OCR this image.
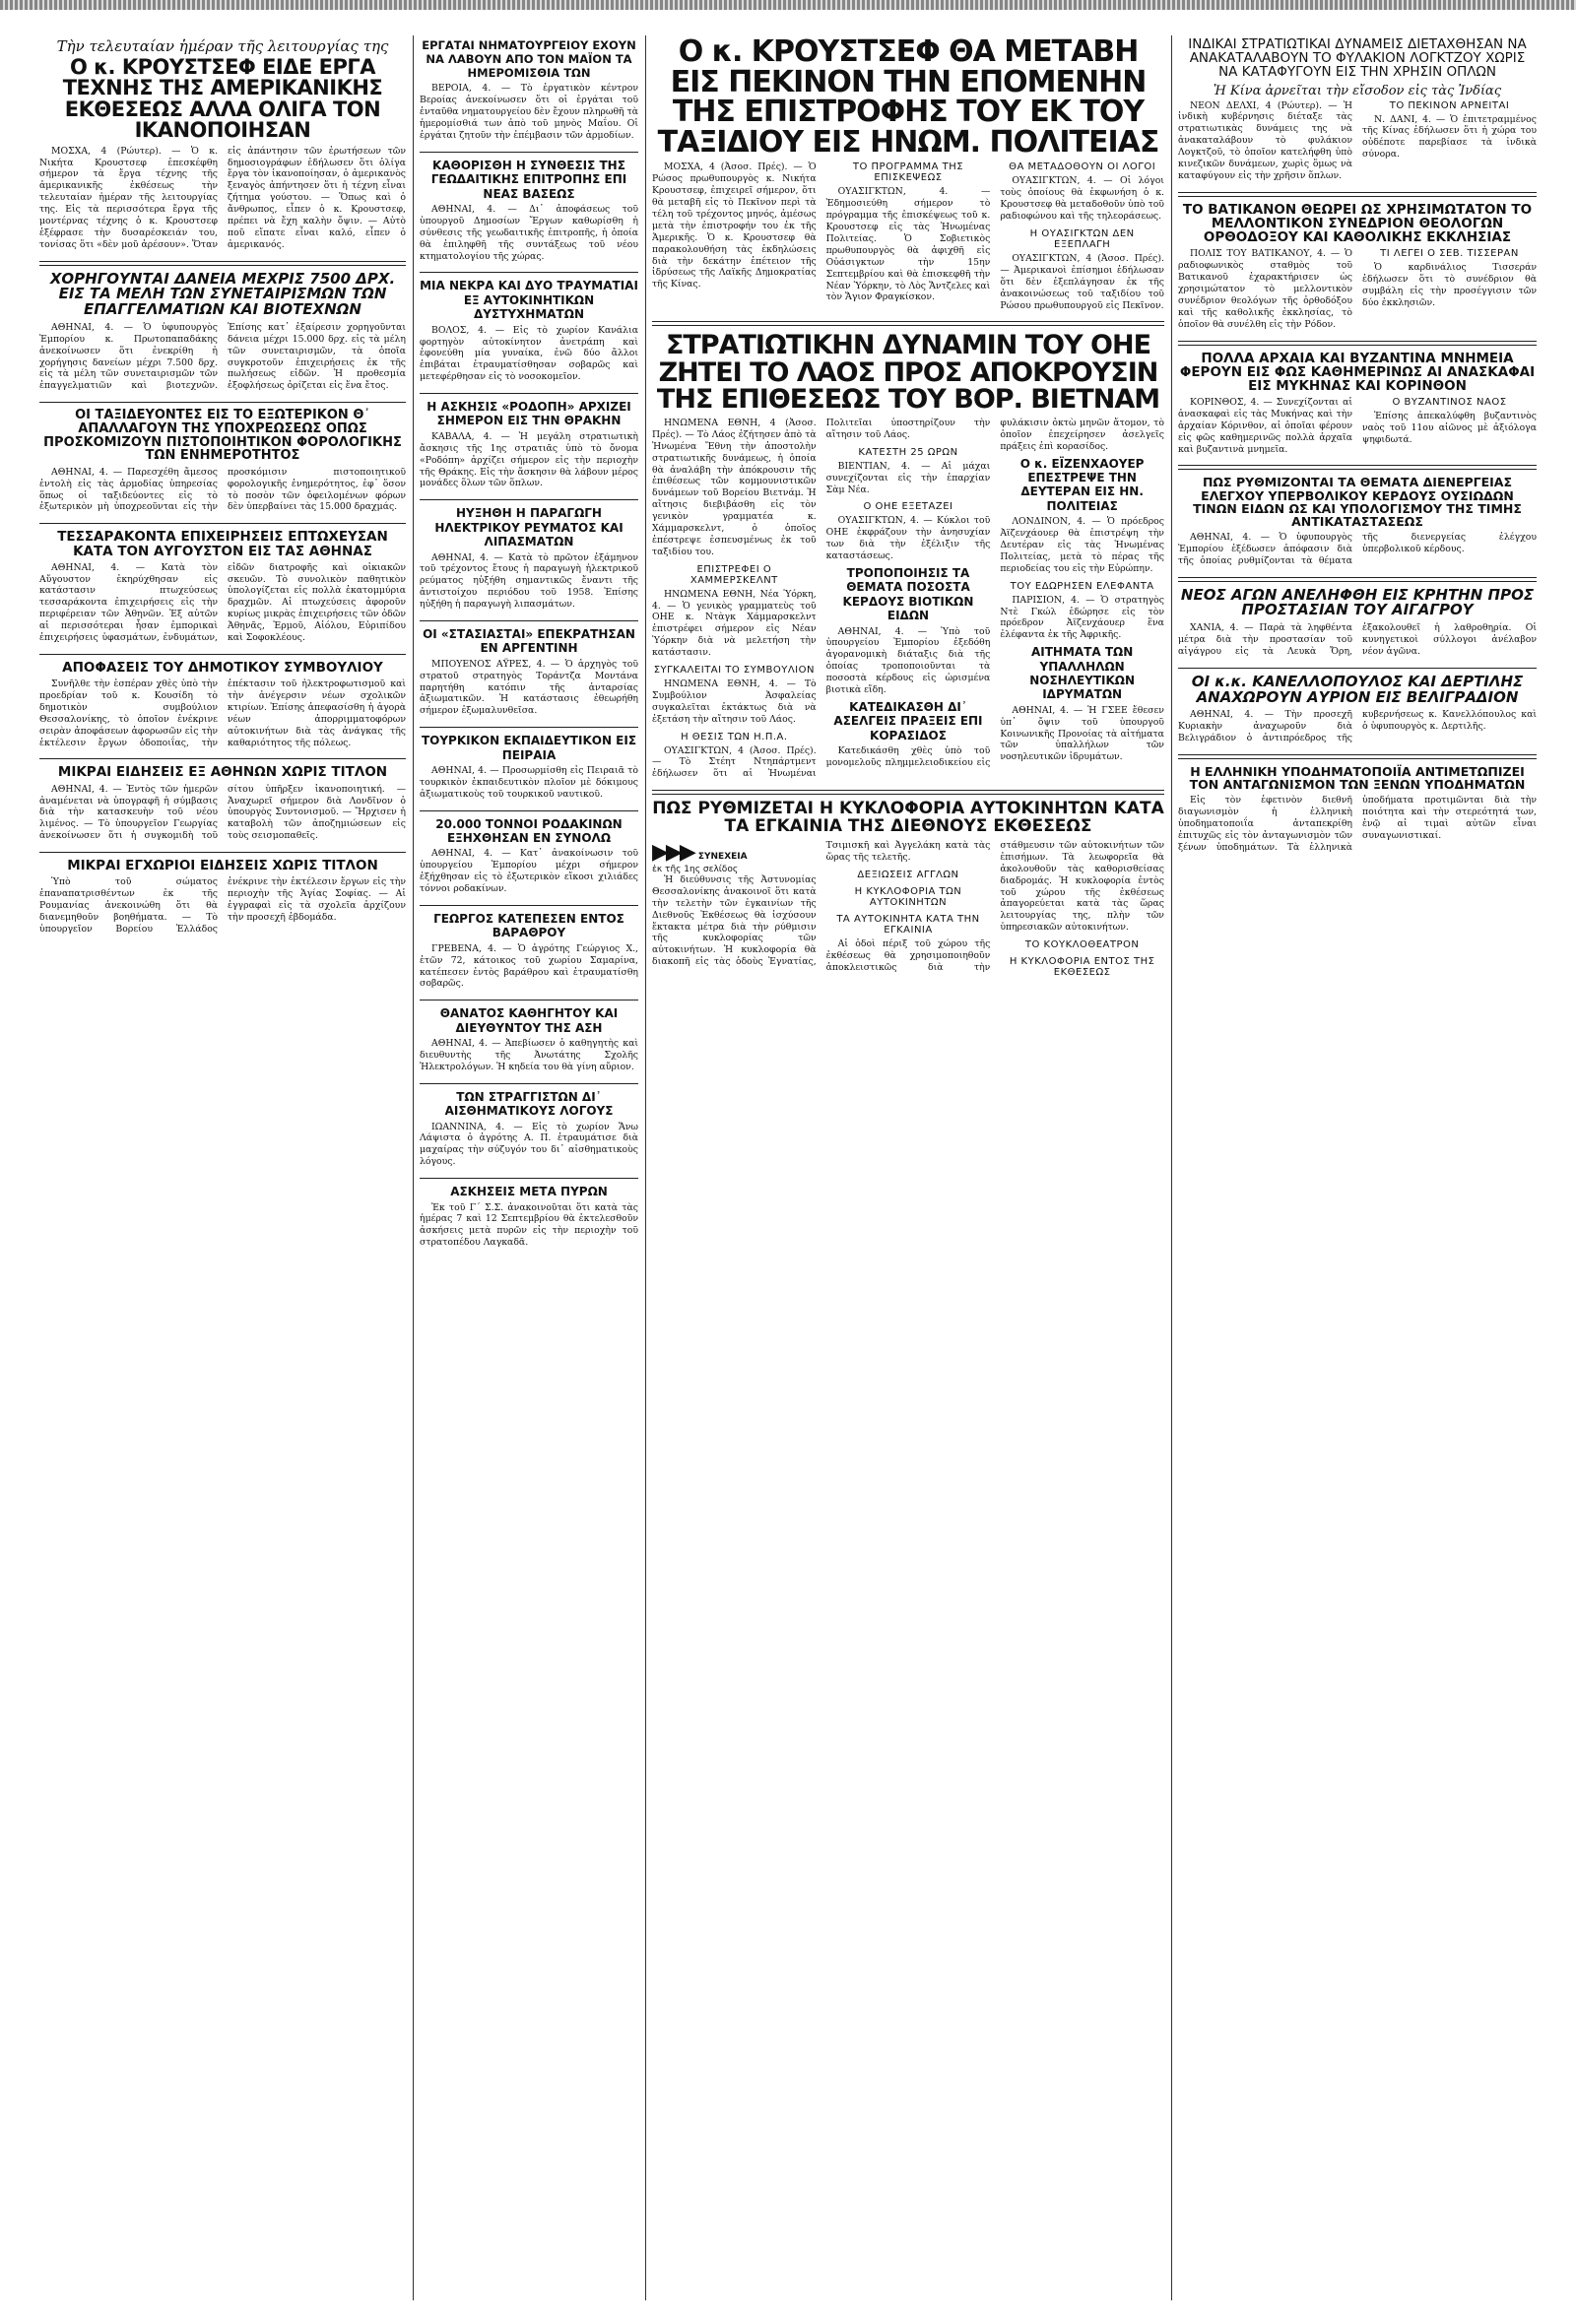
Τὴν τελευταίαν ἡμέραν τῆς λειτουργίας της
Ο κ. ΚΡΟΥΣΤΣΕΦ ΕΙΔΕ ΕΡΓΑ ΤΕΧΝΗΣ ΤΗΣ ΑΜΕΡΙΚΑΝΙΚΗΣ ΕΚΘΕΣΕΩΣ ΑΛΛΑ ΟΛΙΓΑ ΤΟΝ ΙΚΑΝΟΠΟΙΗΣΑΝ

ΜΟΣΧΑ, 4 (Ρώυτερ). — Ὁ κ. Νικήτα Κρουστσεφ ἐπεσκέφθη σήμερον τὰ ἔργα τέχνης τῆς ἀμερικανικῆς ἐκθέσεως τὴν τελευταίαν ἡμέραν τῆς λειτουργίας της. Εἰς τὰ περισσότερα ἔργα τῆς μοντέρνας τέχνης ὁ κ. Κρουστσεφ ἐξέφρασε τὴν δυσαρέσκειάν του, τονίσας ὅτι «δὲν μοῦ ἀρέσουν». Ὅταν εἰς ἀπάντησιν τῶν ἐρωτήσεων τῶν δημοσιογράφων ἐδήλωσεν ὅτι ὀλίγα ἔργα τὸν ἱκανοποίησαν, ὁ ἀμερικανὸς ξεναγὸς ἀπήντησεν ὅτι ἡ τέχνη εἶναι ζήτημα γούστου. — Ὅπως καὶ ὁ ἄνθρωπος, εἶπεν ὁ κ. Κρουστσεφ, πρέπει νὰ ἔχη καλὴν ὄψιν. — Αὐτὸ ποῦ εἴπατε εἶναι καλό, εἶπεν ὁ ἀμερικανός.

ΧΟΡΗΓΟΥΝΤΑΙ ΔΑΝΕΙΑ ΜΕΧΡΙΣ 7500 ΔΡΧ. ΕΙΣ ΤΑ ΜΕΛΗ ΤΩΝ ΣΥΝΕΤΑΙΡΙΣΜΩΝ ΤΩΝ ΕΠΑΓΓΕΛΜΑΤΙΩΝ ΚΑΙ ΒΙΟΤΕΧΝΩΝ

ΑΘΗΝΑΙ, 4. — Ὁ ὑφυπουργὸς Ἐμπορίου κ. Πρωτοπαπαδάκης ἀνεκοίνωσεν ὅτι ἐνεκρίθη ἡ χορήγησις δανείων μέχρι 7.500 δρχ. εἰς τὰ μέλη τῶν συνεταιρισμῶν τῶν ἐπαγγελματιῶν καὶ βιοτεχνῶν. Ἐπίσης κατ᾽ ἐξαίρεσιν χορηγοῦνται δάνεια μέχρι 15.000 δρχ. εἰς τὰ μέλη τῶν συνεταιρισμῶν, τὰ ὁποῖα συγκροτοῦν ἐπιχειρήσεις ἐκ τῆς πωλήσεως εἰδῶν. Ἡ προθεσμία ἐξοφλήσεως ὁρίζεται εἰς ἕνα ἔτος.

ΟΙ ΤΑΞΙΔΕΥΟΝΤΕΣ ΕΙΣ ΤΟ ΕΞΩΤΕΡΙΚΟΝ Θ᾽ ΑΠΑΛΛΑΓΟΥΝ ΤΗΣ ΥΠΟΧΡΕΩΣΕΩΣ ΟΠΩΣ ΠΡΟΣΚΟΜΙΖΟΥΝ ΠΙΣΤΟΠΟΙΗΤΙΚΟΝ ΦΟΡΟΛΟΓΙΚΗΣ ΤΩΝ ΕΝΗΜΕΡΟΤΗΤΟΣ

ΑΘΗΝΑΙ, 4. — Παρεσχέθη ἄμεσος ἐντολὴ εἰς τὰς ἁρμοδίας ὑπηρεσίας ὅπως οἱ ταξιδεύοντες εἰς τὸ ἐξωτερικὸν μὴ ὑποχρεοῦνται εἰς τὴν προσκόμισιν πιστοποιητικοῦ φορολογικῆς ἐνημερότητος, ἐφ᾽ ὅσον τὸ ποσὸν τῶν ὀφειλομένων φόρων δὲν ὑπερβαίνει τὰς 15.000 δραχμάς.

ΤΕΣΣΑΡΑΚΟΝΤΑ ΕΠΙΧΕΙΡΗΣΕΙΣ ΕΠΤΩΧΕΥΣΑΝ ΚΑΤΑ ΤΟΝ ΑΥΓΟΥΣΤΟΝ ΕΙΣ ΤΑΣ ΑΘΗΝΑΣ

ΑΘΗΝΑΙ, 4. — Κατὰ τὸν Αὔγουστον ἐκηρύχθησαν εἰς κατάστασιν πτωχεύσεως τεσσαράκοντα ἐπιχειρήσεις εἰς τὴν περιφέρειαν τῶν Ἀθηνῶν. Ἐξ αὐτῶν αἱ περισσότεραι ἦσαν ἐμπορικαὶ ἐπιχειρήσεις ὑφασμάτων, ἐνδυμάτων, εἰδῶν διατροφῆς καὶ οἰκιακῶν σκευῶν. Τὸ συνολικὸν παθητικὸν ὑπολογίζεται εἰς πολλὰ ἑκατομμύρια δραχμῶν. Αἱ πτωχεύσεις ἀφοροῦν κυρίως μικρὰς ἐπιχειρήσεις τῶν ὁδῶν Ἀθηνᾶς, Ἑρμοῦ, Αἰόλου, Εὐριπίδου καὶ Σοφοκλέους.

ΑΠΟΦΑΣΕΙΣ ΤΟΥ ΔΗΜΟΤΙΚΟΥ ΣΥΜΒΟΥΛΙΟΥ

Συνῆλθε τὴν ἑσπέραν χθὲς ὑπὸ τὴν προεδρίαν τοῦ κ. Κουσίδη τὸ δημοτικὸν συμβούλιον Θεσσαλονίκης, τὸ ὁποῖον ἐνέκρινε σειρὰν ἀποφάσεων ἀφορωσῶν εἰς τὴν ἐκτέλεσιν ἔργων ὁδοποιΐας, τὴν ἐπέκτασιν τοῦ ἠλεκτροφωτισμοῦ καὶ τὴν ἀνέγερσιν νέων σχολικῶν κτιρίων. Ἐπίσης ἀπεφασίσθη ἡ ἀγορὰ νέων ἀπορριμματοφόρων αὐτοκινήτων διὰ τὰς ἀνάγκας τῆς καθαριότητος τῆς πόλεως.

ΜΙΚΡΑΙ ΕΙΔΗΣΕΙΣ ΕΞ ΑΘΗΝΩΝ ΧΩΡΙΣ ΤΙΤΛΟΝ

ΑΘΗΝΑΙ, 4. — Ἐντὸς τῶν ἡμερῶν ἀναμένεται νὰ ὑπογραφῆ ἡ σύμβασις διὰ τὴν κατασκευὴν τοῦ νέου λιμένος. — Τὸ ὑπουργεῖον Γεωργίας ἀνεκοίνωσεν ὅτι ἡ συγκομιδὴ τοῦ σίτου ὑπῆρξεν ἱκανοποιητική. — Ἀναχωρεῖ σήμερον διὰ Λονδῖνον ὁ ὑπουργὸς Συντονισμοῦ. — Ἤρχισεν ἡ καταβολὴ τῶν ἀποζημιώσεων εἰς τοὺς σεισμοπαθεῖς.

ΜΙΚΡΑΙ ΕΓΧΩΡΙΟΙ ΕΙΔΗΣΕΙΣ ΧΩΡΙΣ ΤΙΤΛΟΝ

Ὑπὸ τοῦ σώματος ἐπαναπατρισθέντων ἐκ τῆς Ρουμανίας ἀνεκοινώθη ὅτι θὰ διανεμηθοῦν βοηθήματα. — Τὸ ὑπουργεῖον Βορείου Ἑλλάδος ἐνέκρινε τὴν ἐκτέλεσιν ἔργων εἰς τὴν περιοχὴν τῆς Ἁγίας Σοφίας. — Αἱ ἐγγραφαὶ εἰς τὰ σχολεῖα ἀρχίζουν τὴν προσεχῆ ἑβδομάδα.

ΕΡΓΑΤΑΙ ΝΗΜΑΤΟΥΡΓΕΙΟΥ ΕΧΟΥΝ ΝΑ ΛΑΒΟΥΝ ΑΠΟ ΤΟΝ ΜΑΪΟΝ ΤΑ ΗΜΕΡΟΜΙΣΘΙΑ ΤΩΝ

ΒΕΡΟΙΑ, 4. — Τὸ ἐργατικὸν κέντρον Βεροίας ἀνεκοίνωσεν ὅτι οἱ ἐργάται τοῦ ἐνταῦθα νηματουργείου δὲν ἔχουν πληρωθῆ τὰ ἡμερομίσθιά των ἀπὸ τοῦ μηνὸς Μαΐου. Οἱ ἐργάται ζητοῦν τὴν ἐπέμβασιν τῶν ἁρμοδίων.

ΚΑΘΟΡΙΣΘΗ Η ΣΥΝΘΕΣΙΣ ΤΗΣ ΓΕΩΔΑΙΤΙΚΗΣ ΕΠΙΤΡΟΠΗΣ ΕΠΙ ΝΕΑΣ ΒΑΣΕΩΣ

ΑΘΗΝΑΙ, 4. — Δι᾽ ἀποφάσεως τοῦ ὑπουργοῦ Δημοσίων Ἔργων καθωρίσθη ἡ σύνθεσις τῆς γεωδαιτικῆς ἐπιτροπῆς, ἡ ὁποία θὰ ἐπιληφθῆ τῆς συντάξεως τοῦ νέου κτηματολογίου τῆς χώρας.

ΜΙΑ ΝΕΚΡΑ ΚΑΙ ΔΥΟ ΤΡΑΥΜΑΤΙΑΙ ΕΞ ΑΥΤΟΚΙΝΗΤΙΚΩΝ ΔΥΣΤΥΧΗΜΑΤΩΝ

ΒΟΛΟΣ, 4. — Εἰς τὸ χωρίον Κανάλια φορτηγὸν αὐτοκίνητον ἀνετράπη καὶ ἐφονεύθη μία γυναίκα, ἐνῶ δύο ἄλλοι ἐπιβάται ἐτραυματίσθησαν σοβαρῶς καὶ μετεφέρθησαν εἰς τὸ νοσοκομεῖον.

Η ΑΣΚΗΣΙΣ «ΡΟΔΟΠΗ» ΑΡΧΙΖΕΙ ΣΗΜΕΡΟΝ ΕΙΣ ΤΗΝ ΘΡΑΚΗΝ

ΚΑΒΑΛΑ, 4. — Ἡ μεγάλη στρατιωτικὴ ἄσκησις τῆς 1ης στρατιᾶς ὑπὸ τὸ ὄνομα «Ροδόπη» ἀρχίζει σήμερον εἰς τὴν περιοχὴν τῆς Θράκης. Εἰς τὴν ἄσκησιν θὰ λάβουν μέρος μονάδες ὅλων τῶν ὅπλων.

ΗΥΞΗΘΗ Η ΠΑΡΑΓΩΓΗ ΗΛΕΚΤΡΙΚΟΥ ΡΕΥΜΑΤΟΣ ΚΑΙ ΛΙΠΑΣΜΑΤΩΝ

ΑΘΗΝΑΙ, 4. — Κατὰ τὸ πρῶτον ἑξάμηνον τοῦ τρέχοντος ἔτους ἡ παραγωγὴ ἠλεκτρικοῦ ρεύματος ηὐξήθη σημαντικῶς ἔναντι τῆς ἀντιστοίχου περιόδου τοῦ 1958. Ἐπίσης ηὐξήθη ἡ παραγωγὴ λιπασμάτων.

ΟΙ «ΣΤΑΣΙΑΣΤΑΙ» ΕΠΕΚΡΑΤΗΣΑΝ ΕΝ ΑΡΓΕΝΤΙΝΗ

ΜΠΟΥΕΝΟΣ ΑΫΡΕΣ, 4. — Ὁ ἀρχηγὸς τοῦ στρατοῦ στρατηγὸς Τοράντζα Μοντάνα παρητήθη κατόπιν τῆς ἀνταρσίας ἀξιωματικῶν. Ἡ κατάστασις ἐθεωρήθη σήμερον ἐξωμαλυνθεῖσα.

ΤΟΥΡΚΙΚΟΝ ΕΚΠΑΙΔΕΥΤΙΚΟΝ ΕΙΣ ΠΕΙΡΑΙΑ

ΑΘΗΝΑΙ, 4. — Προσωρμίσθη εἰς Πειραιᾶ τὸ τουρκικὸν ἐκπαιδευτικὸν πλοῖον μὲ δόκιμους ἀξιωματικοὺς τοῦ τουρκικοῦ ναυτικοῦ.

20.000 ΤΟΝΝΟΙ ΡΟΔΑΚΙΝΩΝ ΕΞΗΧΘΗΣΑΝ ΕΝ ΣΥΝΟΛΩ

ΑΘΗΝΑΙ, 4. — Κατ᾽ ἀνακοίνωσιν τοῦ ὑπουργείου Ἐμπορίου μέχρι σήμερον ἐξήχθησαν εἰς τὸ ἐξωτερικὸν εἴκοσι χιλιάδες τόννοι ροδακίνων.

ΓΕΩΡΓΟΣ ΚΑΤΕΠΕΣΕΝ ΕΝΤΟΣ ΒΑΡΑΘΡΟΥ

ΓΡΕΒΕΝΑ, 4. — Ὁ ἀγρότης Γεώργιος Χ., ἐτῶν 72, κάτοικος τοῦ χωρίου Σαμαρίνα, κατέπεσεν ἐντὸς βαράθρου καὶ ἐτραυματίσθη σοβαρῶς.

ΘΑΝΑΤΟΣ ΚΑΘΗΓΗΤΟΥ ΚΑΙ ΔΙΕΥΘΥΝΤΟΥ ΤΗΣ ΑΣΗ

ΑΘΗΝΑΙ, 4. — Ἀπεβίωσεν ὁ καθηγητὴς καὶ διευθυντὴς τῆς Ἀνωτάτης Σχολῆς Ἡλεκτρολόγων. Ἡ κηδεία του θὰ γίνη αὔριον.

ΤΩΝ ΣΤΡΑΓΓΙΣΤΩΝ ΔΙ᾽ ΑΙΣΘΗΜΑΤΙΚΟΥΣ ΛΟΓΟΥΣ

ΙΩΑΝΝΙΝΑ, 4. — Εἰς τὸ χωρίον Ἄνω Λάψιστα ὁ ἀγρότης Α. Π. ἐτραυμάτισε διὰ μαχαίρας τὴν σύζυγόν του δι᾽ αἰσθηματικοὺς λόγους.

ΑΣΚΗΣΕΙΣ ΜΕΤΑ ΠΥΡΩΝ

Ἐκ τοῦ Γ΄ Σ.Σ. ἀνακοινοῦται ὅτι κατὰ τὰς ἡμέρας 7 καὶ 12 Σεπτεμβρίου θὰ ἐκτελεσθοῦν ἀσκήσεις μετὰ πυρῶν εἰς τὴν περιοχὴν τοῦ στρατοπέδου Λαγκαδᾶ.

Ο κ. ΚΡΟΥΣΤΣΕΦ ΘΑ ΜΕΤΑΒΗ ΕΙΣ ΠΕΚΙΝΟΝ ΤΗΝ ΕΠΟΜΕΝΗΝ ΤΗΣ ΕΠΙΣΤΡΟΦΗΣ ΤΟΥ ΕΚ ΤΟΥ ΤΑΞΙΔΙΟΥ ΕΙΣ ΗΝΩΜ. ΠΟΛΙΤΕΙΑΣ

ΜΟΣΧΑ, 4 (Ἀσοσ. Πρές). — Ὁ Ρώσος πρωθυπουργὸς κ. Νικήτα Κρουστσεφ, ἐπιχειρεῖ σήμερον, ὅτι θὰ μεταβῆ εἰς τὸ Πεκῖνον περὶ τὰ τέλη τοῦ τρέχοντος μηνός, ἀμέσως μετὰ τὴν ἐπιστροφήν του ἐκ τῆς Ἀμερικῆς. Ὁ κ. Κρουστσεφ θὰ παρακολουθήση τὰς ἐκδηλώσεις διὰ τὴν δεκάτην ἐπέτειον τῆς ἱδρύσεως τῆς Λαϊκῆς Δημοκρατίας τῆς Κίνας.

ΤΟ ΠΡΟΓΡΑΜΜΑ ΤΗΣ ΕΠΙΣΚΕΨΕΩΣ

ΟΥΑΣΙΓΚΤΩΝ, 4. — Ἐδημοσιεύθη σήμερον τὸ πρόγραμμα τῆς ἐπισκέψεως τοῦ κ. Κρουστσεφ εἰς τὰς Ἡνωμένας Πολιτείας. Ὁ Σοβιετικὸς πρωθυπουργὸς θὰ ἀφιχθῆ εἰς Οὐάσιγκτων τὴν 15ην Σεπτεμβρίου καὶ θὰ ἐπισκεφθῆ τὴν Νέαν Ὑόρκην, τὸ Λὸς Ἄντζελες καὶ τὸν Ἄγιον Φραγκίσκον.

ΘΑ ΜΕΤΑΔΟΘΟΥΝ ΟΙ ΛΟΓΟΙ

ΟΥΑΣΙΓΚΤΩΝ, 4. — Οἱ λόγοι τοὺς ὁποίους θὰ ἐκφωνήση ὁ κ. Κρουστσεφ θὰ μεταδοθοῦν ὑπὸ τοῦ ραδιοφώνου καὶ τῆς τηλεοράσεως.

Η ΟΥΑΣΙΓΚΤΩΝ ΔΕΝ ΕΞΕΠΛΑΓΗ

ΟΥΑΣΙΓΚΤΩΝ, 4 (Ἀσοσ. Πρές). — Ἀμερικανοὶ ἐπίσημοι ἐδήλωσαν ὅτι δὲν ἐξεπλάγησαν ἐκ τῆς ἀνακοινώσεως τοῦ ταξιδίου τοῦ Ρώσου πρωθυπουργοῦ εἰς Πεκῖνον.

ΣΤΡΑΤΙΩΤΙΚΗΝ ΔΥΝΑΜΙΝ ΤΟΥ ΟΗΕ ΖΗΤΕΙ ΤΟ ΛΑΟΣ ΠΡΟΣ ΑΠΟΚΡΟΥΣΙΝ ΤΗΣ ΕΠΙΘΕΣΕΩΣ ΤΟΥ ΒΟΡ. ΒΙΕΤΝΑΜ

ΗΝΩΜΕΝΑ ΕΘΝΗ, 4 (Ἀσοσ. Πρές). — Τὸ Λάος ἐζήτησεν ἀπὸ τὰ Ἡνωμένα Ἔθνη τὴν ἀποστολὴν στρατιωτικῆς δυνάμεως, ἡ ὁποία θὰ ἀναλάβη τὴν ἀπόκρουσιν τῆς ἐπιθέσεως τῶν κομμουνιστικῶν δυνάμεων τοῦ Βορείου Βιετνάμ. Ἡ αἴτησις διεβιβάσθη εἰς τὸν γενικὸν γραμματέα κ. Χάμμαρσκελντ, ὁ ὁποῖος ἐπέστρεψε ἐσπευσμένως ἐκ τοῦ ταξιδίου του.

ΕΠΙΣΤΡΕΦΕΙ Ο ΧΑΜΜΕΡΣΚΕΛΝΤ

ΗΝΩΜΕΝΑ ΕΘΝΗ, Νέα Ὑόρκη, 4. — Ὁ γενικὸς γραμματεὺς τοῦ ΟΗΕ κ. Ντὰγκ Χάμμαρσκελντ ἐπιστρέφει σήμερον εἰς Νέαν Ὑόρκην διὰ νὰ μελετήση τὴν κατάστασιν.

ΣΥΓΚΑΛΕΙΤΑΙ ΤΟ ΣΥΜΒΟΥΛΙΟΝ

ΗΝΩΜΕΝΑ ΕΘΝΗ, 4. — Τὸ Συμβούλιον Ἀσφαλείας συγκαλεῖται ἐκτάκτως διὰ νὰ ἐξετάση τὴν αἴτησιν τοῦ Λάος.

Η ΘΕΣΙΣ ΤΩΝ Η.Π.Α.

ΟΥΑΣΙΓΚΤΩΝ, 4 (Ἀσοσ. Πρές). — Τὸ Στέητ Ντηπάρτμεντ ἐδήλωσεν ὅτι αἱ Ἡνωμέναι Πολιτεῖαι ὑποστηρίζουν τὴν αἴτησιν τοῦ Λάος.

ΚΑΤΕΣΤΗ 25 ΩΡΩΝ

ΒΙΕΝΤΙΑΝ, 4. — Αἱ μάχαι συνεχίζονται εἰς τὴν ἐπαρχίαν Σὰμ Νέα.

Ο ΟΗΕ ΕΞΕΤΑΖΕΙ

ΟΥΑΣΙΓΚΤΩΝ, 4. — Κύκλοι τοῦ ΟΗΕ ἐκφράζουν τὴν ἀνησυχίαν των διὰ τὴν ἐξέλιξιν τῆς καταστάσεως.

ΤΡΟΠΟΠΟΙΗΣΙΣ ΤΑ ΘΕΜΑΤΑ ΠΟΣΟΣΤΑ ΚΕΡΔΟΥΣ ΒΙΟΤΙΚΩΝ ΕΙΔΩΝ

ΑΘΗΝΑΙ, 4. — Ὑπὸ τοῦ ὑπουργείου Ἐμπορίου ἐξεδόθη ἀγορανομικὴ διάταξις διὰ τῆς ὁποίας τροποποιοῦνται τὰ ποσοστὰ κέρδους εἰς ὡρισμένα βιοτικὰ εἴδη.

ΚΑΤΕΔΙΚΑΣΘΗ ΔΙ᾽ ΑΣΕΛΓΕΙΣ ΠΡΑΞΕΙΣ ΕΠΙ ΚΟΡΑΣΙΔΟΣ

Κατεδικάσθη χθὲς ὑπὸ τοῦ μονομελοῦς πλημμελειοδικείου εἰς φυλάκισιν ὀκτὼ μηνῶν ἄτομον, τὸ ὁποῖον ἐπεχείρησεν ἀσελγεῖς πράξεις ἐπὶ κορασίδος.

Ο κ. ΕΪΖΕΝΧΑΟΥΕΡ ΕΠΕΣΤΡΕΨΕ ΤΗΝ ΔΕΥΤΕΡΑΝ ΕΙΣ ΗΝ. ΠΟΛΙΤΕΙΑΣ

ΛΟΝΔΙΝΟΝ, 4. — Ὁ πρόεδρος Ἀϊζενχάουερ θὰ ἐπιστρέψη τὴν Δευτέραν εἰς τὰς Ἡνωμένας Πολιτείας, μετὰ τὸ πέρας τῆς περιοδείας του εἰς τὴν Εὐρώπην.

ΤΟΥ ΕΔΩΡΗΣΕΝ ΕΛΕΦΑΝΤΑ

ΠΑΡΙΣΙΟΝ, 4. — Ὁ στρατηγὸς Ντὲ Γκώλ ἐδώρησε εἰς τὸν πρόεδρον Ἀϊζενχάουερ ἕνα ἐλέφαντα ἐκ τῆς Ἀφρικῆς.

ΑΙΤΗΜΑΤΑ ΤΩΝ ΥΠΑΛΛΗΛΩΝ ΝΟΣΗΛΕΥΤΙΚΩΝ ΙΔΡΥΜΑΤΩΝ

ΑΘΗΝΑΙ, 4. — Ἡ ΓΣΕΕ ἔθεσεν ὑπ᾽ ὄψιν τοῦ ὑπουργοῦ Κοινωνικῆς Προνοίας τὰ αἰτήματα τῶν ὑπαλλήλων τῶν νοσηλευτικῶν ἱδρυμάτων.

ΠΩΣ ΡΥΘΜΙΖΕΤΑΙ Η ΚΥΚΛΟΦΟΡΙΑ ΑΥΤΟΚΙΝΗΤΩΝ ΚΑΤΑ ΤΑ ΕΓΚΑΙΝΙΑ ΤΗΣ ΔΙΕΘΝΟΥΣ ΕΚΘΕΣΕΩΣ
▶▶▶ ΣΥΝΕΧΕΙΑ
ἐκ τῆς 1ης σελίδος

Ἡ διεύθυνσις τῆς Ἀστυνομίας Θεσσαλονίκης ἀνακοινοῖ ὅτι κατὰ τὴν τελετὴν τῶν ἐγκαινίων τῆς Διεθνοῦς Ἐκθέσεως θὰ ἰσχύσουν ἔκτακτα μέτρα διὰ τὴν ρύθμισιν τῆς κυκλοφορίας τῶν αὐτοκινήτων. Ἡ κυκλοφορία θὰ διακοπῆ εἰς τὰς ὁδοὺς Ἐγνατίας, Τσιμισκῆ καὶ Ἀγγελάκη κατὰ τὰς ὥρας τῆς τελετῆς.

ΔΕΞΙΩΣΕΙΣ ΑΓΓΛΩΝ
Η ΚΥΚΛΟΦΟΡΙΑ ΤΩΝ ΑΥΤΟΚΙΝΗΤΩΝ
ΤΑ ΑΥΤΟΚΙΝΗΤΑ ΚΑΤΑ ΤΗΝ ΕΓΚΑΙΝΙΑ

Αἱ ὁδοὶ πέριξ τοῦ χώρου τῆς ἐκθέσεως θὰ χρησιμοποιηθοῦν ἀποκλειστικῶς διὰ τὴν στάθμευσιν τῶν αὐτοκινήτων τῶν ἐπισήμων. Τὰ λεωφορεῖα θὰ ἀκολουθοῦν τὰς καθορισθείσας διαδρομάς. Ἡ κυκλοφορία ἐντὸς τοῦ χώρου τῆς ἐκθέσεως ἀπαγορεύεται κατὰ τὰς ὥρας λειτουργίας της, πλὴν τῶν ὑπηρεσιακῶν αὐτοκινήτων.

ΤΟ ΚΟΥΚΛΟΘΕΑΤΡΟΝ
Η ΚΥΚΛΟΦΟΡΙΑ ΕΝΤΟΣ ΤΗΣ ΕΚΘΕΣΕΩΣ
ΙΝΔΙΚΑΙ ΣΤΡΑΤΙΩΤΙΚΑΙ ΔΥΝΑΜΕΙΣ ΔΙΕΤΑΧΘΗΣΑΝ ΝΑ ΑΝΑΚΑΤΑΛΑΒΟΥΝ ΤΟ ΦΥΛΑΚΙΟΝ ΛΟΓΚΤΖΟΥ ΧΩΡΙΣ ΝΑ ΚΑΤΑΦΥΓΟΥΝ ΕΙΣ ΤΗΝ ΧΡΗΣΙΝ ΟΠΛΩΝ
Ἡ Κίνα ἀρνεῖται τὴν εἴσοδον εἰς τὰς Ἰνδίας

ΝΕΟΝ ΔΕΛΧΙ, 4 (Ρώυτερ). — Ἡ ἰνδικὴ κυβέρνησις διέταξε τὰς στρατιωτικὰς δυνάμεις της νὰ ἀνακαταλάβουν τὸ φυλάκιον Λογκτζοῦ, τὸ ὁποῖον κατελήφθη ὑπὸ κινεζικῶν δυνάμεων, χωρὶς ὅμως νὰ καταφύγουν εἰς τὴν χρῆσιν ὅπλων.

ΤΟ ΠΕΚΙΝΟΝ ΑΡΝΕΙΤΑΙ

Ν. ΔΑΝΙ, 4. — Ὁ ἐπιτετραμμένος τῆς Κίνας ἐδήλωσεν ὅτι ἡ χώρα του οὐδέποτε παρεβίασε τὰ ἰνδικὰ σύνορα.

ΤΟ ΒΑΤΙΚΑΝΟΝ ΘΕΩΡΕΙ ΩΣ ΧΡΗΣΙΜΩΤΑΤΟΝ ΤΟ ΜΕΛΛΟΝΤΙΚΟΝ ΣΥΝΕΔΡΙΟΝ ΘΕΟΛΟΓΩΝ ΟΡΘΟΔΟΞΟΥ ΚΑΙ ΚΑΘΟΛΙΚΗΣ ΕΚΚΛΗΣΙΑΣ

ΠΟΛΙΣ ΤΟΥ ΒΑΤΙΚΑΝΟΥ, 4. — Ὁ ραδιοφωνικὸς σταθμὸς τοῦ Βατικανοῦ ἐχαρακτήρισεν ὡς χρησιμώτατον τὸ μελλοντικὸν συνέδριον θεολόγων τῆς ὀρθοδόξου καὶ τῆς καθολικῆς ἐκκλησίας, τὸ ὁποῖον θὰ συνέλθη εἰς τὴν Ρόδον.

ΤΙ ΛΕΓΕΙ Ο ΣΕΒ. ΤΙΣΣΕΡΑΝ

Ὁ καρδινάλιος Τισσεράν ἐδήλωσεν ὅτι τὸ συνέδριον θὰ συμβάλη εἰς τὴν προσέγγισιν τῶν δύο ἐκκλησιῶν.

ΠΟΛΛΑ ΑΡΧΑΙΑ ΚΑΙ ΒΥΖΑΝΤΙΝΑ ΜΝΗΜΕΙΑ ΦΕΡΟΥΝ ΕΙΣ ΦΩΣ ΚΑΘΗΜΕΡΙΝΩΣ ΑΙ ΑΝΑΣΚΑΦΑΙ ΕΙΣ ΜΥΚΗΝΑΣ ΚΑΙ ΚΟΡΙΝΘΟΝ

ΚΟΡΙΝΘΟΣ, 4. — Συνεχίζονται αἱ ἀνασκαφαὶ εἰς τὰς Μυκήνας καὶ τὴν ἀρχαίαν Κόρινθον, αἱ ὁποῖαι φέρουν εἰς φῶς καθημερινῶς πολλὰ ἀρχαῖα καὶ βυζαντινὰ μνημεῖα.

Ο ΒΥΖΑΝΤΙΝΟΣ ΝΑΟΣ

Ἐπίσης ἀπεκαλύφθη βυζαντινὸς ναὸς τοῦ 11ου αἰῶνος μὲ ἀξιόλογα ψηφιδωτά.

ΠΩΣ ΡΥΘΜΙΖΟΝΤΑΙ ΤΑ ΘΕΜΑΤΑ ΔΙΕΝΕΡΓΕΙΑΣ ΕΛΕΓΧΟΥ ΥΠΕΡΒΟΛΙΚΟΥ ΚΕΡΔΟΥΣ ΟΥΣΙΩΔΩΝ ΤΙΝΩΝ ΕΙΔΩΝ ΩΣ ΚΑΙ ΥΠΟΛΟΓΙΣΜΟΥ ΤΗΣ ΤΙΜΗΣ ΑΝΤΙΚΑΤΑΣΤΑΣΕΩΣ

ΑΘΗΝΑΙ, 4. — Ὁ ὑφυπουργὸς Ἐμπορίου ἐξέδωσεν ἀπόφασιν διὰ τῆς ὁποίας ρυθμίζονται τὰ θέματα τῆς διενεργείας ἐλέγχου ὑπερβολικοῦ κέρδους.

ΝΕΟΣ ΑΓΩΝ ΑΝΕΛΗΦΘΗ ΕΙΣ ΚΡΗΤΗΝ ΠΡΟΣ ΠΡΟΣΤΑΣΙΑΝ ΤΟΥ ΑΙΓΑΓΡΟΥ

ΧΑΝΙΑ, 4. — Παρὰ τὰ ληφθέντα μέτρα διὰ τὴν προστασίαν τοῦ αἰγάγρου εἰς τὰ Λευκὰ Ὄρη, ἐξακολουθεῖ ἡ λαθροθηρία. Οἱ κυνηγετικοὶ σύλλογοι ἀνέλαβον νέον ἀγῶνα.

ΟΙ κ.κ. ΚΑΝΕΛΛΟΠΟΥΛΟΣ ΚΑΙ ΔΕΡΤΙΛΗΣ ΑΝΑΧΩΡΟΥΝ ΑΥΡΙΟΝ ΕΙΣ ΒΕΛΙΓΡΑΔΙΟΝ

ΑΘΗΝΑΙ, 4. — Τὴν προσεχῆ Κυριακὴν ἀναχωροῦν διὰ Βελιγράδιον ὁ ἀντιπρόεδρος τῆς κυβερνήσεως κ. Κανελλόπουλος καὶ ὁ ὑφυπουργὸς κ. Δερτιλῆς.

Η ΕΛΛΗΝΙΚΗ ΥΠΟΔΗΜΑΤΟΠΟΙΪΑ ΑΝΤΙΜΕΤΩΠΙΖΕΙ ΤΟΝ ΑΝΤΑΓΩΝΙΣΜΟΝ ΤΩΝ ΞΕΝΩΝ ΥΠΟΔΗΜΑΤΩΝ

Εἰς τὸν ἐφετινὸν διεθνῆ διαγωνισμὸν ἡ ἑλληνικὴ ὑποδηματοποιΐα ἀνταπεκρίθη ἐπιτυχῶς εἰς τὸν ἀνταγωνισμὸν τῶν ξένων ὑποδημάτων. Τὰ ἑλληνικὰ ὑποδήματα προτιμῶνται διὰ τὴν ποιότητα καὶ τὴν στερεότητά των, ἐνῷ αἱ τιμαὶ αὐτῶν εἶναι συναγωνιστικαί.
